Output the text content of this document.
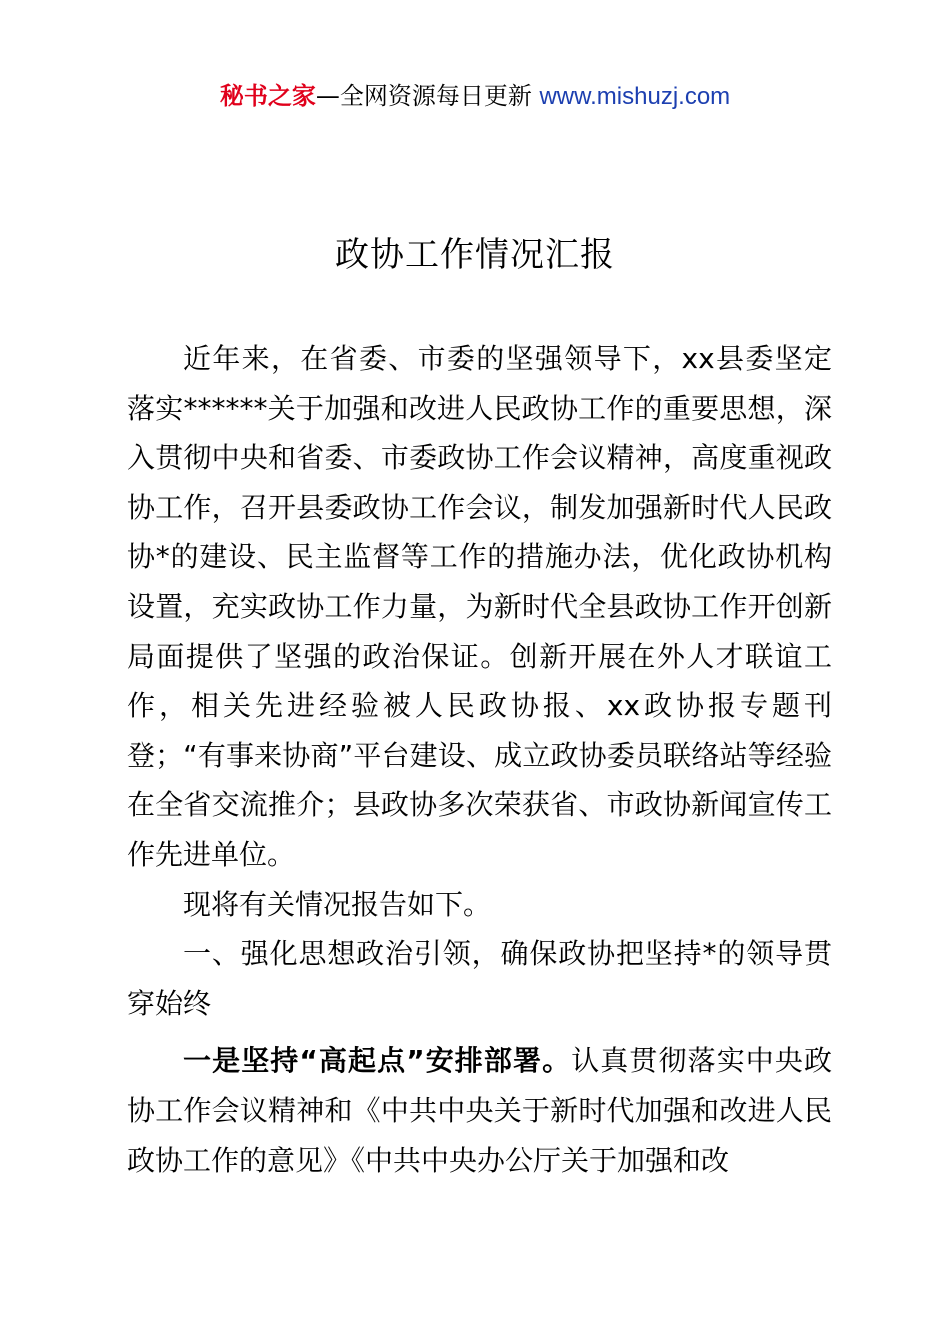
秘书之家—全网资源每日更新 www.mishuzj.com
政协工作情况汇报

近年来，在省委、市委的坚强领导下，xx县委坚定落实******关于加强和改进人民政协工作的重要思想，深入贯彻中央和省委、市委政协工作会议精神，高度重视政协工作，召开县委政协工作会议，制发加强新时代人民政协*的建设、民主监督等工作的措施办法，优化政协机构设置，充实政协工作力量，为新时代全县政协工作开创新局面提供了坚强的政治保证。创新开展在外人才联谊工作，相关先进经验被人民政协报、xx政协报专题刊登；“有事来协商”平台建设、成立政协委员联络站等经验在全省交流推介；县政协多次荣获省、市政协新闻宣传工作先进单位。

现将有关情况报告如下。

一、强化思想政治引领，确保政协把坚持*的领导贯穿始终

一是坚持“高起点”安排部署。认真贯彻落实中央政协工作会议精神和《中共中央关于新时代加强和改进人民政协工作的意见》《中共中央办公厅关于加强和改
